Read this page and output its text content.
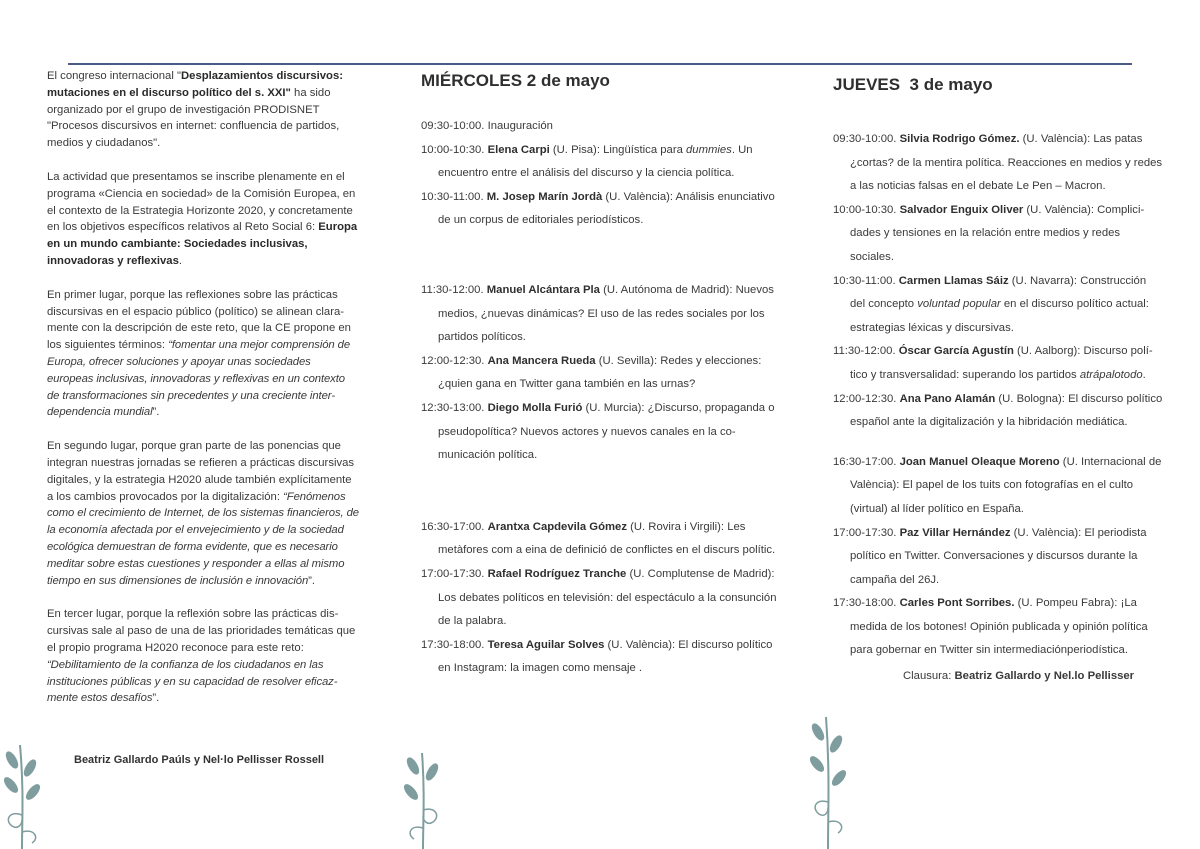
El congreso internacional "Desplazamientos discursivos: mutaciones en el discurso político del s. XXI" ha sido organizado por el grupo de investigación PRODISNET "Procesos discursivos en internet: confluencia de partidos, medios y ciudadanos".

La actividad que presentamos se inscribe plenamente en el programa «Ciencia en sociedad» de la Comisión Europea, en el contexto de la Estrategia Horizonte 2020, y concretamente en los objetivos específicos relativos al Reto Social 6: Europa en un mundo cambiante: Sociedades inclusivas, innovadoras y reflexivas.

En primer lugar, porque las reflexiones sobre las prácticas discursivas en el espacio público (político) se alinean claramente con la descripción de este reto, que la CE propone en los siguientes términos: “fomentar una mejor comprensión de Europa, ofrecer soluciones y apoyar unas sociedades europeas inclusivas, innovadoras y reflexivas en un contexto de transformaciones sin precedentes y una creciente interdependencia mundial”.

En segundo lugar, porque gran parte de las ponencias que integran nuestras jornadas se refieren a prácticas discursivas digitales, y la estrategia H2020 alude también explícitamente a los cambios provocados por la digitalización: “Fenómenos como el crecimiento de Internet, de los sistemas financieros, de la economía afectada por el envejecimiento y de la sociedad ecológica demuestran de forma evidente, que es necesario meditar sobre estas cuestiones y responder a ellas al mismo tiempo en sus dimensiones de inclusión e innovación”.

En tercer lugar, porque la reflexión sobre las prácticas discursivas sale al paso de una de las prioridades temáticas que el propio programa H2020 reconoce para este reto: “Debilitamiento de la confianza de los ciudadanos en las instituciones públicas y en su capacidad de resolver eficazmente estos desafíos”.

Beatriz Gallardo Paúls y Nel·lo Pellisser Rossell
MIÉRCOLES 2 de mayo

09:30-10:00. Inauguración

10:00-10:30. Elena Carpi (U. Pisa): Lingüística para dummies. Un encuentro entre el análisis del discurso y la ciencia política.

10:30-11:00. M. Josep Marín Jordà (U. València): Análisis enunciativo de un corpus de editoriales periodísticos.

11:30-12:00. Manuel Alcántara Pla (U. Autónoma de Madrid): Nuevos medios, ¿nuevas dinámicas? El uso de las redes sociales por los partidos políticos.

12:00-12:30. Ana Mancera Rueda (U. Sevilla): Redes y elecciones: ¿quien gana en Twitter gana también en las urnas?

12:30-13:00. Diego Molla Furió (U. Murcia): ¿Discurso, propaganda o pseudopolítica? Nuevos actores y nuevos canales en la comunicación política.

16:30-17:00. Arantxa Capdevila Gómez (U. Rovira i Virgili): Les metàfores com a eina de definició de conflictes en el discurs polític.

17:00-17:30. Rafael Rodríguez Tranche (U. Complutense de Madrid): Los debates políticos en televisión: del espectáculo a la consunción de la palabra.

17:30-18:00. Teresa Aguilar Solves (U. València): El discurso político en Instagram: la imagen como mensaje .

JUEVES  3 de mayo

09:30-10:00. Silvia Rodrigo Gómez. (U. València): Las patas ¿cortas? de la mentira política. Reacciones en medios y redes a las noticias falsas en el debate Le Pen – Macron.

10:00-10:30. Salvador Enguix Oliver (U. València): Complicidades y tensiones en la relación entre medios y redes sociales.

10:30-11:00. Carmen Llamas Sáiz (U. Navarra): Construcción del concepto voluntad popular en el discurso político actual: estrategias léxicas y discursivas.

11:30-12:00. Óscar García Agustín (U. Aalborg): Discurso político y transversalidad: superando los partidos atrápalotodo.

12:00-12:30. Ana Pano Alamán (U. Bologna): El discurso político español ante la digitalización y la hibridación mediática.

16:30-17:00. Joan Manuel Oleaque Moreno (U. Internacional de València): El papel de los tuits con fotografías en el culto (virtual) al líder político en España.

17:00-17:30. Paz Villar Hernández (U. València): El periodista político en Twitter. Conversaciones y discursos durante la campaña del 26J.

17:30-18:00. Carles Pont Sorribes. (U. Pompeu Fabra): ¡La medida de los botones! Opinión publicada y opinión política para gobernar en Twitter sin intermediaciónperiodística.

Clausura: Beatriz Gallardo y Nel.lo Pellisser
